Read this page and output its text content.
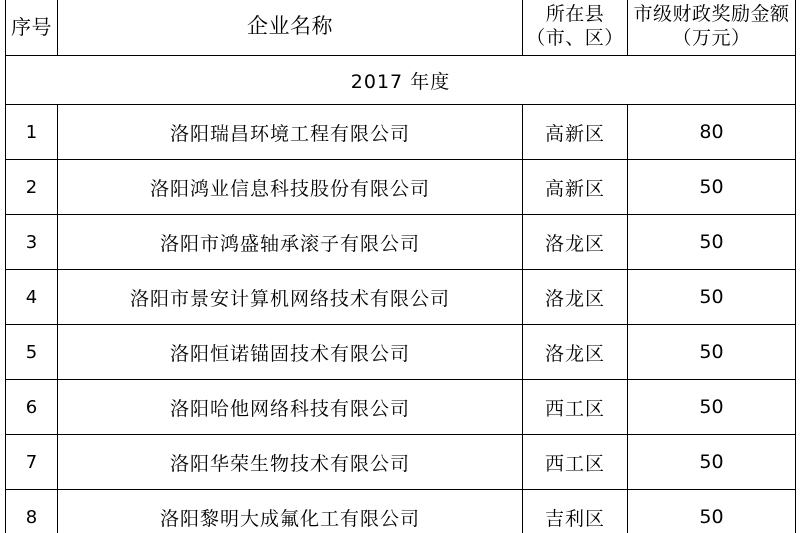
序号	企业名称	所在县（市、区）	市级财政奖励金额 （万元）
2017 年度			
1	洛阳瑞昌环境工程有限公司	高新区	80
2	洛阳鸿业信息科技股份有限公司	高新区	50
3	洛阳市鸿盛轴承滚子有限公司	洛龙区	50
4	洛阳市景安计算机网络技术有限公司	洛龙区	50
5	洛阳恒诺锚固技术有限公司	洛龙区	50
6	洛阳哈他网络科技有限公司	西工区	50
7	洛阳华荣生物技术有限公司	西工区	50
8	洛阳黎明大成氟化工有限公司	吉利区	50
